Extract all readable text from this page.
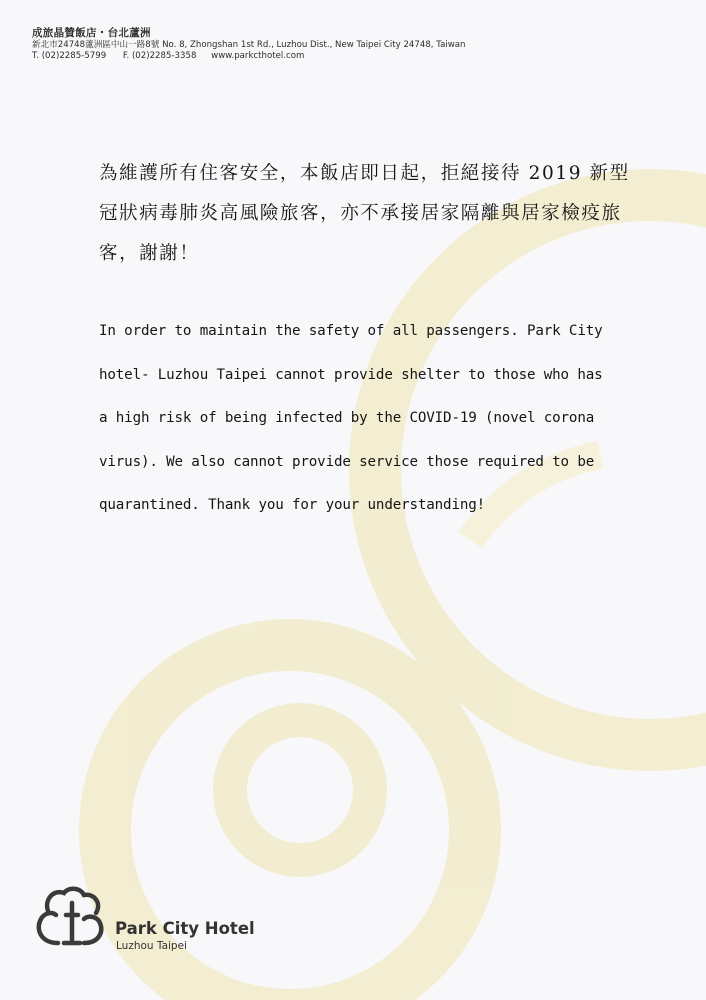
成旅晶贊飯店・台北蘆洲
新北市24748蘆洲區中山一路8號 No. 8, Zhongshan 1st Rd., Luzhou Dist., New Taipei City 24748, Taiwan
T. (02)2285-5799 F. (02)2285-3358 www.parkcthotel.com
為維護所有住客安全，本飯店即日起，拒絕接待 2019 新型
冠狀病毒肺炎高風險旅客，亦不承接居家隔離與居家檢疫旅
客，謝謝！
In order to maintain the safety of all passengers. Park City
hotel- Luzhou Taipei cannot provide shelter to those who has
a high risk of being infected by the COVID-19 (novel corona
virus). We also cannot provide service those required to be
quarantined. Thank you for your understanding!
Park City Hotel
Luzhou Taipei
